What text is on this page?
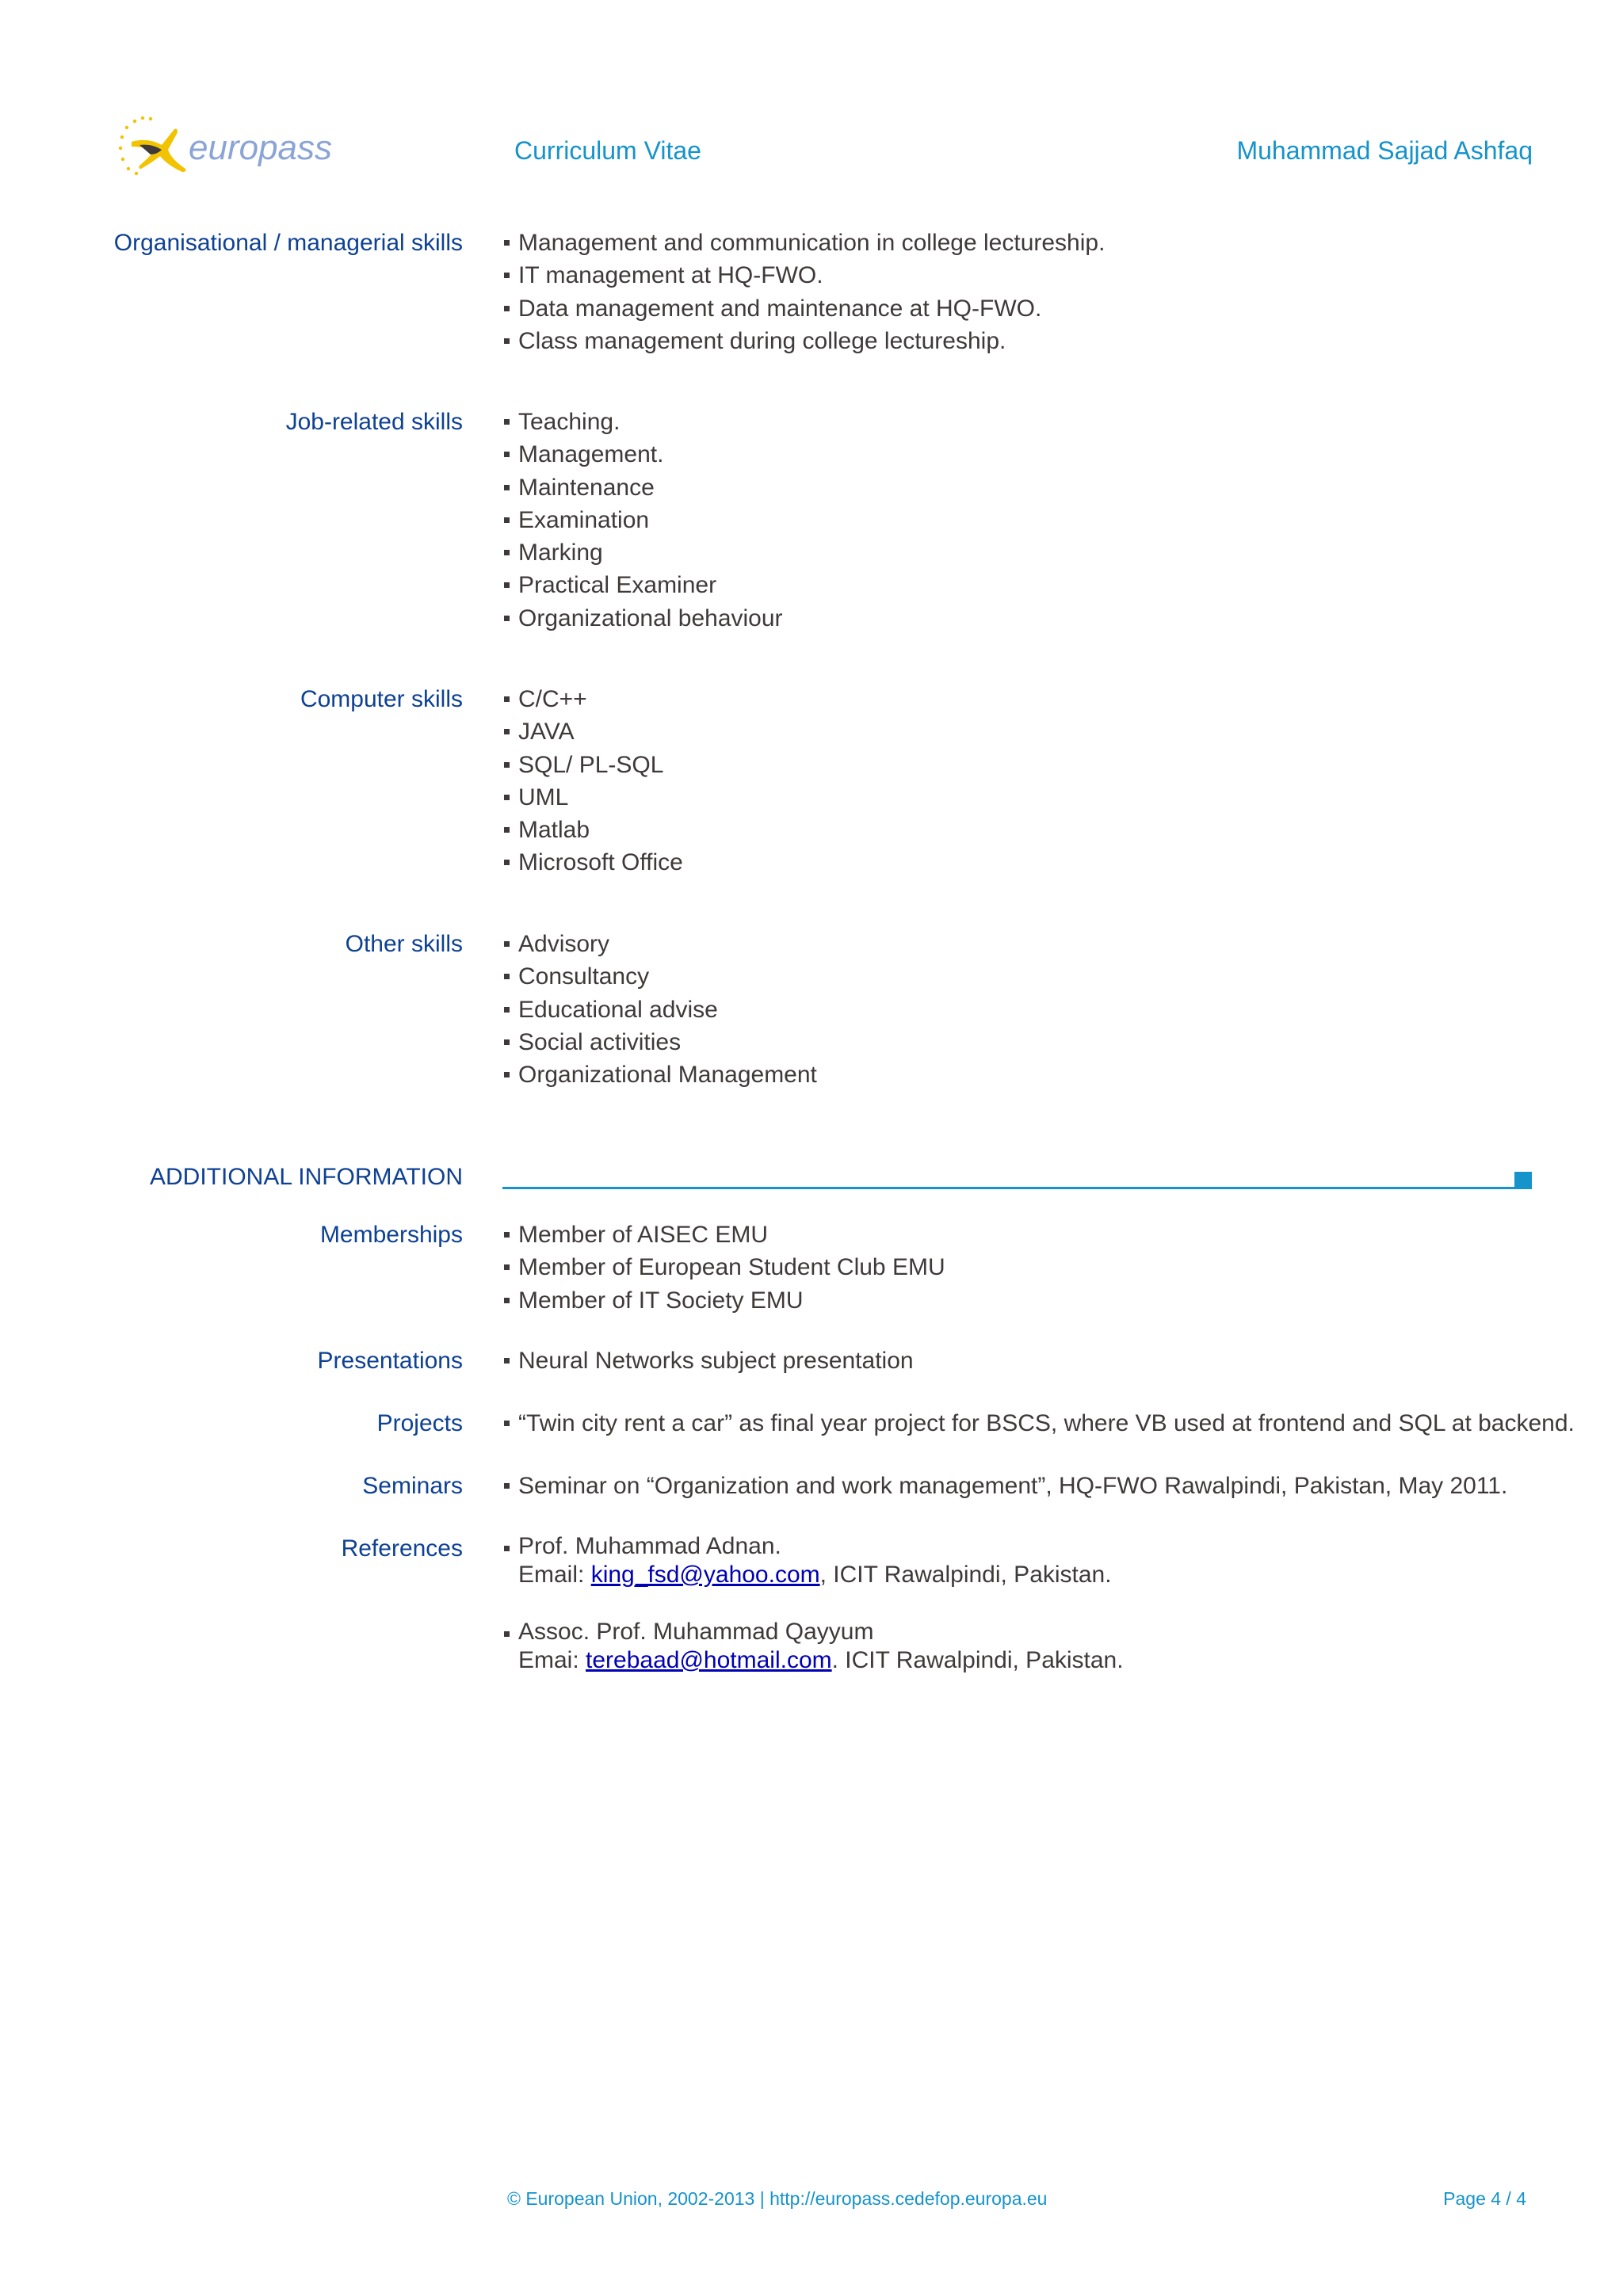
europass	Curriculum Vitae	Muhammad Sajjad Ashfaq
Organisational / managerial skills	Management and communication in college lectureship.
IT management at HQ-FWO.
Data management and maintenance at HQ-FWO.
Class management during college lectureship.
Job-related skills	Teaching.
Management.
Maintenance
Examination
Marking
Practical Examiner
Organizational behaviour
Computer skills	C/C++
JAVA
SQL/ PL-SQL
UML
Matlab
Microsoft Office
Other skills	Advisory
Consultancy
Educational advise
Social activities
Organizational Management
ADDITIONAL INFORMATION
Memberships	Member of AISEC EMU
Member of European Student Club EMU
Member of IT Society EMU
Presentations	Neural Networks subject presentation
Projects	“Twin city rent a car” as final year project for BSCS, where VB used at frontend and SQL at backend.
Seminars	Seminar on “Organization and work management”, HQ-FWO Rawalpindi, Pakistan, May 2011.
References Prof. Muhammad Adnan.
Email: king_fsd@yahoo.com, ICIT Rawalpindi, Pakistan.
Assoc. Prof. Muhammad Qayyum
Emai: terebaad@hotmail.com. ICIT Rawalpindi, Pakistan.
© European Union, 2002-2013 | http://europass.cedefop.europa.eu	Page 4 / 4
